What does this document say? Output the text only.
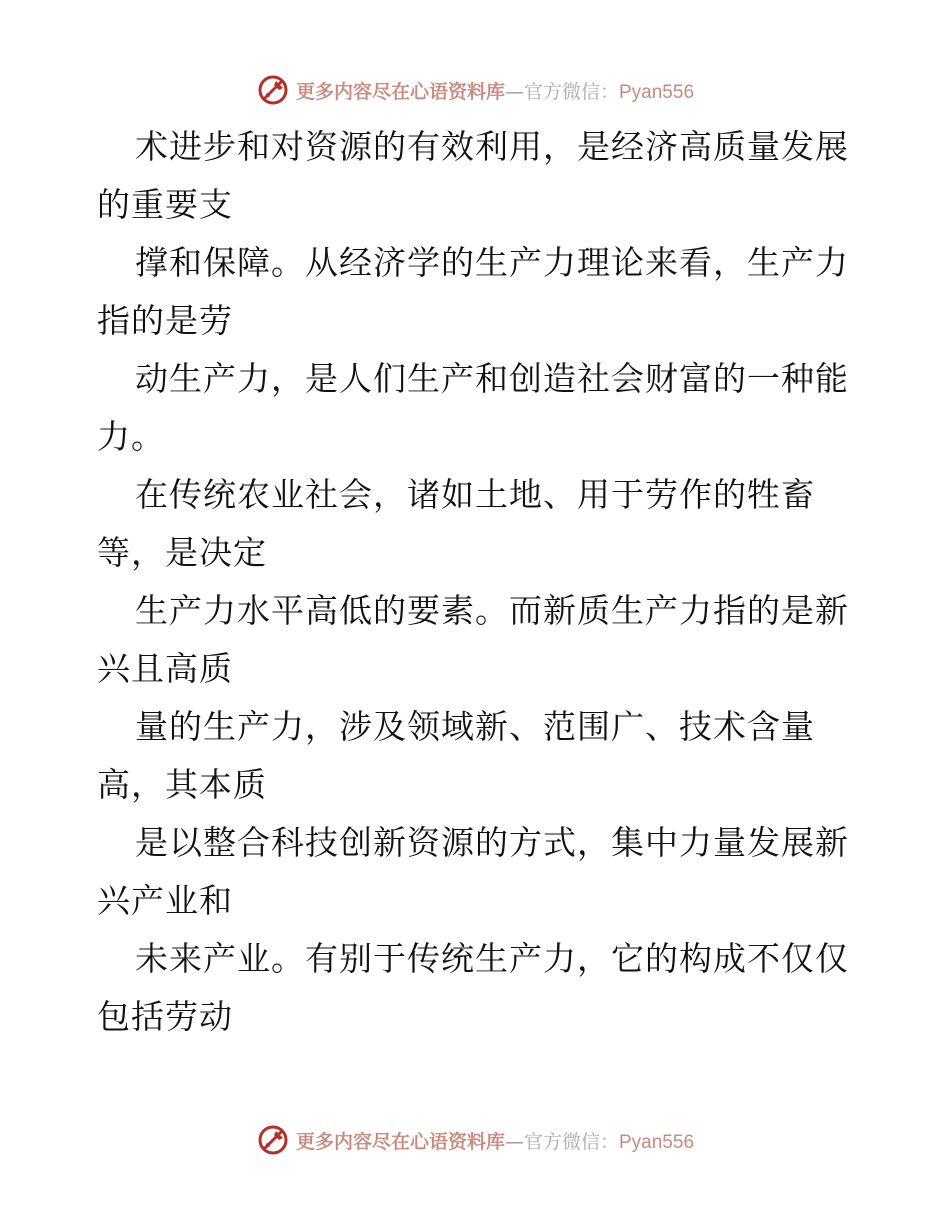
更多内容尽在心语资料库—官方微信：Pyan556

术进步和对资源的有效利用，是经济高质量发展
的重要支

撑和保障。从经济学的生产力理论来看，生产力
指的是劳

动生产力，是人们生产和创造社会财富的一种能
力。

在传统农业社会，诸如土地、用于劳作的牲畜
等，是决定

生产力水平高低的要素。而新质生产力指的是新
兴且高质

量的生产力，涉及领域新、范围广、技术含量
高，其本质

是以整合科技创新资源的方式，集中力量发展新
兴产业和

未来产业。有别于传统生产力，它的构成不仅仅
包括劳动

更多内容尽在心语资料库—官方微信：Pyan556
